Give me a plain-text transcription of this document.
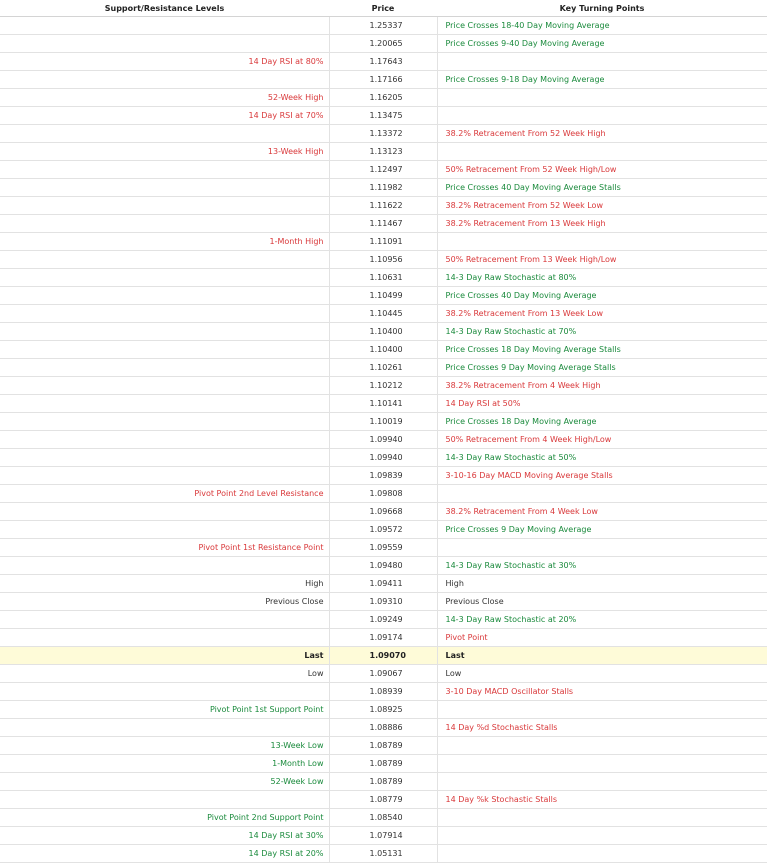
Support/Resistance Levels	Price	Key Turning Points
	1.25337	Price Crosses 18-40 Day Moving Average
	1.20065	Price Crosses 9-40 Day Moving Average
14 Day RSI at 80%	1.17643	
	1.17166	Price Crosses 9-18 Day Moving Average
52-Week High	1.16205	
14 Day RSI at 70%	1.13475	
	1.13372	38.2% Retracement From 52 Week High
13-Week High	1.13123	
	1.12497	50% Retracement From 52 Week High/Low
	1.11982	Price Crosses 40 Day Moving Average Stalls
	1.11622	38.2% Retracement From 52 Week Low
	1.11467	38.2% Retracement From 13 Week High
1-Month High	1.11091	
	1.10956	50% Retracement From 13 Week High/Low
	1.10631	14-3 Day Raw Stochastic at 80%
	1.10499	Price Crosses 40 Day Moving Average
	1.10445	38.2% Retracement From 13 Week Low
	1.10400	14-3 Day Raw Stochastic at 70%
	1.10400	Price Crosses 18 Day Moving Average Stalls
	1.10261	Price Crosses 9 Day Moving Average Stalls
	1.10212	38.2% Retracement From 4 Week High
	1.10141	14 Day RSI at 50%
	1.10019	Price Crosses 18 Day Moving Average
	1.09940	50% Retracement From 4 Week High/Low
	1.09940	14-3 Day Raw Stochastic at 50%
	1.09839	3-10-16 Day MACD Moving Average Stalls
Pivot Point 2nd Level Resistance	1.09808	
	1.09668	38.2% Retracement From 4 Week Low
	1.09572	Price Crosses 9 Day Moving Average
Pivot Point 1st Resistance Point	1.09559	
	1.09480	14-3 Day Raw Stochastic at 30%
High	1.09411	High
Previous Close	1.09310	Previous Close
	1.09249	14-3 Day Raw Stochastic at 20%
	1.09174	Pivot Point
Last	1.09070	Last
Low	1.09067	Low
	1.08939	3-10 Day MACD Oscillator Stalls
Pivot Point 1st Support Point	1.08925	
	1.08886	14 Day %d Stochastic Stalls
13-Week Low	1.08789	
1-Month Low	1.08789	
52-Week Low	1.08789	
	1.08779	14 Day %k Stochastic Stalls
Pivot Point 2nd Support Point	1.08540	
14 Day RSI at 30%	1.07914	
14 Day RSI at 20%	1.05131	
